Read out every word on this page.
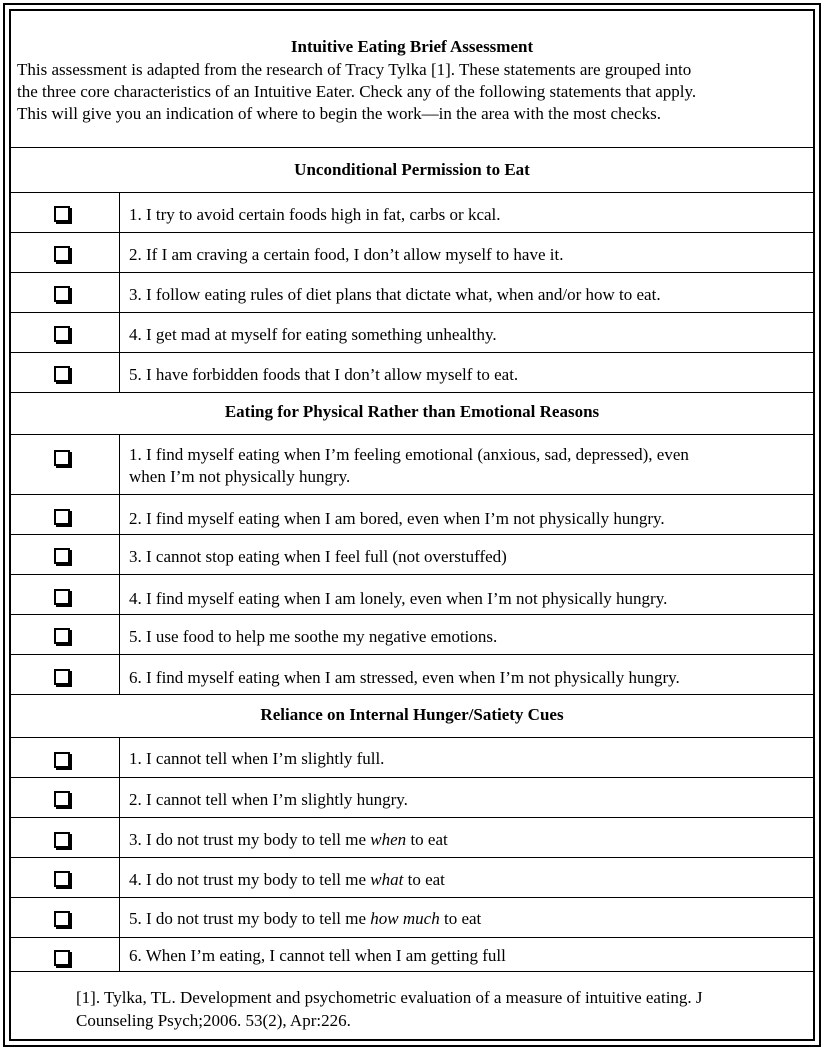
Intuitive Eating Brief Assessment
This assessment is adapted from the research of Tracy Tylka [1]. These statements are grouped into
the three core characteristics of an Intuitive Eater. Check any of the following statements that apply.
This will give you an indication of where to begin the work—in the area with the most checks.
Unconditional Permission to Eat
1. I try to avoid certain foods high in fat, carbs or kcal.
2. If I am craving a certain food, I don’t allow myself to have it.
3. I follow eating rules of diet plans that dictate what, when and/or how to eat.
4. I get mad at myself for eating something unhealthy.
5. I have forbidden foods that I don’t allow myself to eat.
Eating for Physical Rather than Emotional Reasons
1. I find myself eating when I’m feeling emotional (anxious, sad, depressed), even
when I’m not physically hungry.
2. I find myself eating when I am bored, even when I’m not physically hungry.
3. I cannot stop eating when I feel full (not overstuffed)
4. I find myself eating when I am lonely, even when I’m not physically hungry.
5. I use food to help me soothe my negative emotions.
6. I find myself eating when I am stressed, even when I’m not physically hungry.
Reliance on Internal Hunger/Satiety Cues
1. I cannot tell when I’m slightly full.
2. I cannot tell when I’m slightly hungry.
3. I do not trust my body to tell me when to eat
4. I do not trust my body to tell me what to eat
5. I do not trust my body to tell me how much to eat
6. When I’m eating, I cannot tell when I am getting full
[1]. Tylka, TL. Development and psychometric evaluation of a measure of intuitive eating. J
Counseling Psych;2006. 53(2), Apr:226.
